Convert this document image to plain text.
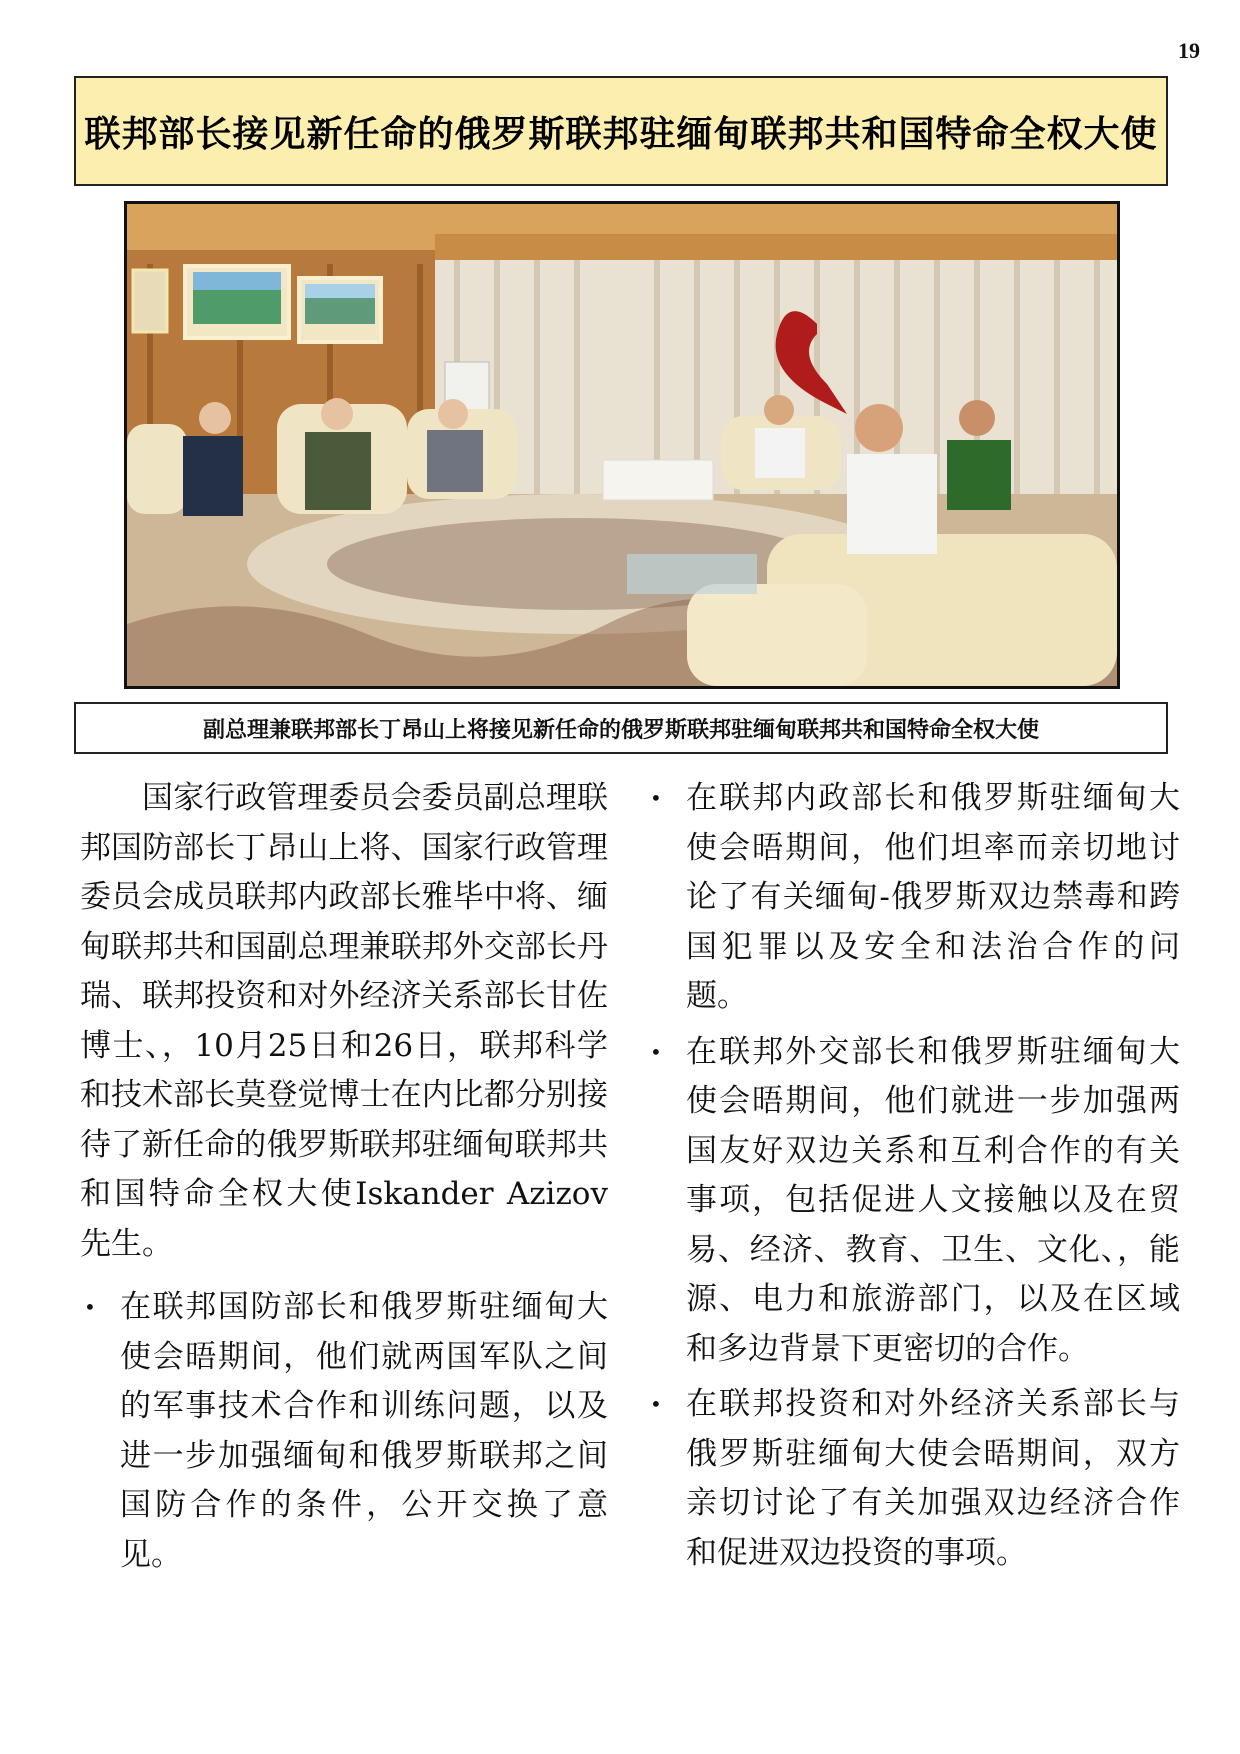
19
联邦部长接见新任命的俄罗斯联邦驻缅甸联邦共和国特命全权大使

副总理兼联邦部长丁昂山上将接见新任命的俄罗斯联邦驻缅甸联邦共和国特命全权大使

国家行政管理委员会委员副总理联邦国防部长丁昂山上将、国家行政管理委员会成员联邦内政部长雅毕中将、缅甸联邦共和国副总理兼联邦外交部长丹瑞、联邦投资和对外经济关系部长甘佐博士、，10月25日和26日，联邦科学和技术部长莫登觉博士在内比都分别接待了新任命的俄罗斯联邦驻缅甸联邦共和国特命全权大使Iskander Azizov先生。

• 在联邦国防部长和俄罗斯驻缅甸大使会晤期间，他们就两国军队之间的军事技术合作和训练问题，以及进一步加强缅甸和俄罗斯联邦之间国防合作的条件，公开交换了意见。
• 在联邦内政部长和俄罗斯驻缅甸大使会晤期间，他们坦率而亲切地讨论了有关缅甸-俄罗斯双边禁毒和跨国犯罪以及安全和法治合作的问题。
• 在联邦外交部长和俄罗斯驻缅甸大使会晤期间，他们就进一步加强两国友好双边关系和互利合作的有关事项，包括促进人文接触以及在贸易、经济、教育、卫生、文化、，能源、电力和旅游部门，以及在区域和多边背景下更密切的合作。
• 在联邦投资和对外经济关系部长与俄罗斯驻缅甸大使会晤期间，双方亲切讨论了有关加强双边经济合作和促进双边投资的事项。
